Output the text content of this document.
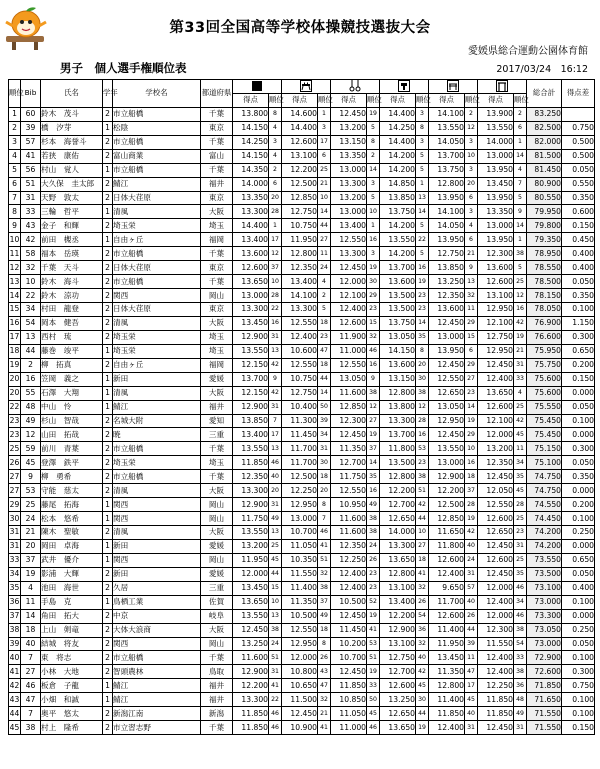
第33回全国高等学校体操競技選抜大会
愛媛県総合運動公園体育館
男子　個人選手権順位表	2017/03/24　16:12
順位	Bib	氏名	学年	学校名	都道府県													総合計	得点差
						得点	順位	得点	順位	得点	順位	得点	順位	得点	順位	得点	順位		
1	60	鈴木　茂斗	2	市立船橋	千葉	13.800	8	14.600	1	12.450	19	14.400	3	14.100	2	13.900	2	83.250	
2	39	橋　汐芽	1	松陰	東京	14.150	4	14.400	3	13.200	5	14.250	8	13.550	12	13.550	6	82.500	0.750
3	57	杉本　海誉斗	2	市立船橋	千葉	14.250	3	12.600	17	13.150	8	14.400	3	14.050	3	14.000	1	82.000	0.500
4	41	若狭　康佑	2	富山商業	富山	14.150	4	13.100	6	13.350	2	14.200	5	13.700	10	13.000	14	81.500	0.500
5	56	村山　覚人	1	市立船橋	千葉	14.350	2	12.200	25	13.000	14	14.200	5	13.750	3	13.950	4	81.450	0.050
6	51	大久保　圭太郎	2	鯖江	福井	14.000	6	12.500	21	13.300	3	14.850	1	12.800	20	13.450	7	80.900	0.550
7	31	天野　敦太	2	日体大荏原	東京	13.350	20	12.850	10	13.200	5	13.850	13	13.950	6	13.950	5	80.550	0.350
8	33	三輪　哲平	1	清風	大阪	13.300	28	12.750	14	13.000	10	13.750	14	14.100	3	13.350	9	79.950	0.600
9	43	金子　和輝	2	埼玉栄	埼玉	14.400	1	10.750	44	13.400	1	14.200	5	14.050	4	13.000	14	79.800	0.150
10	42	前田　槻丞	1	自由ヶ丘	福岡	13.400	17	11.950	27	12.550	16	13.550	22	13.950	6	13.950	1	79.350	0.450
11	58	福本　岳瑛	2	市立船橋	千葉	13.600	12	12.800	11	13.300	3	14.200	5	12.750	21	12.300	38	78.950	0.400
12	32	千葉　天斗	2	日体大荏原	東京	12.600	37	12.350	24	12.450	19	13.700	16	13.850	9	13.600	5	78.550	0.400
13	10	鈴木　海斗	2	市立船橋	千葉	13.650	10	13.400	4	12.000	30	13.600	19	13.250	13	12.600	25	78.500	0.050
14	22	鈴木　涼功	2	関西	岡山	13.000	28	14.100	2	12.100	29	13.500	23	12.350	32	13.100	12	78.150	0.350
15	34	村田　龍登	2	日体大荏原	東京	13.300	22	13.300	5	12.400	23	13.500	23	13.600	11	12.950	16	78.050	0.100
16	54	岡本　健吾	2	清風	大阪	13.450	16	12.550	18	12.600	15	13.750	14	12.450	29	12.100	42	76.900	1.150
17	13	西村　琉	2	埼玉栄	埼玉	12.900	31	12.400	23	11.900	32	13.050	35	13.000	15	12.750	19	76.600	0.300
18	44	藤巻　竣平	1	埼玉栄	埼玉	13.550	13	10.600	47	11.000	46	14.150	8	13.950	6	12.950	21	75.950	0.650
19	2	柳　拓真	2	自由ヶ丘	福岡	12.150	42	12.550	18	12.550	16	13.600	20	12.450	29	12.450	31	75.750	0.200
20	16	笠岡　義之	1	新田	愛媛	13.700	9	10.750	44	13.050	9	13.150	30	12.550	27	12.400	33	75.600	0.150
20	55	石澤　大翔	1	清風	大阪	12.150	42	12.750	14	11.600	38	12.800	38	12.650	23	13.650	4	75.600	0.000
22	48	中山　怜	1	鯖江	福井	12.900	31	10.400	50	12.850	12	13.800	12	13.050	14	12.600	25	75.550	0.050
23	49	杉山　智哉	2	名城大附	愛知	13.850	7	11.300	39	12.300	27	13.300	28	12.950	19	12.100	42	75.450	0.100
23	12	山田　拓哉	2	暁	三重	13.400	17	11.450	34	12.450	19	13.700	16	12.450	29	12.000	45	75.450	0.000
25	59	前川　青葉	2	市立船橋	千葉	13.550	13	11.700	31	11.350	37	11.800	53	13.550	10	13.200	11	75.150	0.300
26	45	登澤　鉄平	2	埼玉栄	埼玉	11.850	46	11.700	30	12.700	14	13.500	23	13.000	16	12.350	34	75.100	0.050
27	9	柳　勇希	2	市立船橋	千葉	12.350	40	12.500	18	11.750	35	12.800	38	12.900	18	12.450	35	74.750	0.350
27	53	守能　慈太	2	清風	大阪	13.300	20	12.250	20	12.550	16	12.200	51	12.200	37	12.050	45	74.750	0.000
29	25	藤尾　拓海	1	関西	岡山	12.900	31	12.950	8	10.950	49	12.700	42	12.500	28	12.550	28	74.550	0.200
30	24	松本　悠希	1	関西	岡山	11.750	49	13.000	7	11.600	38	12.650	44	12.850	19	12.600	25	74.450	0.100
31	21	陳木　聖敏	2	清風	大阪	13.550	13	10.700	46	11.600	38	14.000	10	11.650	42	12.650	23	74.200	0.250
31	20	岡田　卓海	1	新田	愛媛	13.200	25	11.050	41	12.350	24	13.300	27	11.800	40	12.450	31	74.200	0.000
33	37	武井　優介	1	関西	岡山	11.950	45	10.350	51	12.250	26	13.650	18	12.600	24	12.600	25	73.550	0.650
34	19	影浦　大輝	2	新田	愛媛	12.000	44	11.550	32	12.400	23	12.800	41	12.400	31	12.450	35	73.500	0.050
35	4	池田　海世	2	久居	三重	13.450	15	11.400	38	12.400	23	13.100	32	9.650	57	12.000	46	73.100	0.400
36	11	手島　克	1	鳥栖工業	佐賀	13.650	10	11.350	37	10.500	52	13.400	26	11.700	40	12.400	34	73.000	0.100
37	14	角田　拓大	2	中京	岐阜	13.550	13	10.500	49	12.450	19	12.200	54	12.600	26	12.000	46	73.300	0.000
38	18	上山　剣竜	2	大体大浪商	大阪	12.450	38	12.550	18	11.450	41	12.900	36	11.400	44	12.300	38	73.050	0.250
39	40	結城　将友	2	関西	岡山	13.250	24	12.950	8	10.200	53	13.100	32	11.950	39	11.550	54	73.000	0.050
40	7	東　将志	2	市立船橋	千葉	11.600	51	12.000	26	10.700	51	12.750	40	13.450	11	12.400	33	72.900	0.100
41	27	小林　大地	2	智頭農林	鳥取	12.900	31	10.800	43	12.450	19	12.700	42	11.350	47	12.400	38	72.600	0.300
42	46	板倉　子龍	1	鯖江	福井	12.200	41	10.650	47	11.850	33	12.600	45	12.800	17	12.250	36	71.850	0.750
43	47	小畑　和誠	1	鯖江	福井	13.300	22	11.500	32	10.850	50	13.250	30	11.400	45	11.850	48	71.650	0.100
44	7	奥平　悠太	2	新潟江南	新潟	11.850	46	12.450	21	11.050	45	12.650	44	11.850	40	11.850	49	71.550	0.100
45	38	村上　隆希	2	市立習志野	千葉	11.850	46	10.900	41	11.000	46	13.650	19	12.400	31	12.450	31	71.550	0.150
